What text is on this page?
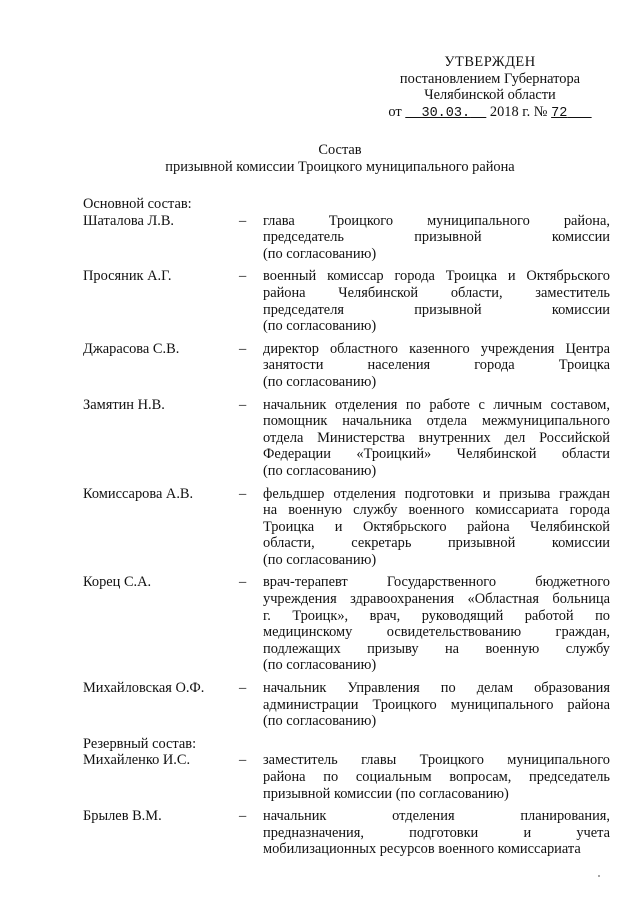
УТВЕРЖДЕН
постановлением Губернатора
Челябинской области
от 30.03. 2018 г. № 72
Состав
призывной комиссии Троицкого муниципального района
Основной состав:
Шаталова Л.В.	– глава Троицкого муниципального района,
председатель призывной комиссии
(по согласованию)
Просяник А.Г.	– военный комиссар города Троицка и Октябрьского
района Челябинской области, заместитель
председателя призывной комиссии
(по согласованию)
Джарасова С.В.	– директор областного казенного учреждения Центра
занятости населения города Троицка
(по согласованию)
Замятин Н.В.	– начальник отделения по работе с личным составом,
помощник начальника отдела межмуниципального
отдела Министерства внутренних дел Российской
Федерации «Троицкий» Челябинской области
(по согласованию)
Комиссарова А.В.	– фельдшер отделения подготовки и призыва граждан
на военную службу военного комиссариата города
Троицка и Октябрьского района Челябинской
области, секретарь призывной комиссии
(по согласованию)
Корец С.А.	– врач-терапевт Государственного бюджетного
учреждения здравоохранения «Областная больница
г. Троицк», врач, руководящий работой по
медицинскому освидетельствованию граждан,
подлежащих призыву на военную службу
(по согласованию)
Михайловская О.Ф. – начальник Управления по делам образования
администрации Троицкого муниципального района
(по согласованию)
Резервный состав:
Михайленко И.С.	– заместитель главы Троицкого муниципального
района по социальным вопросам, председатель
призывной комиссии (по согласованию)
Брылев В.М.	– начальник отделения планирования,
предназначения, подготовки и учета
мобилизационных ресурсов военного комиссариата
